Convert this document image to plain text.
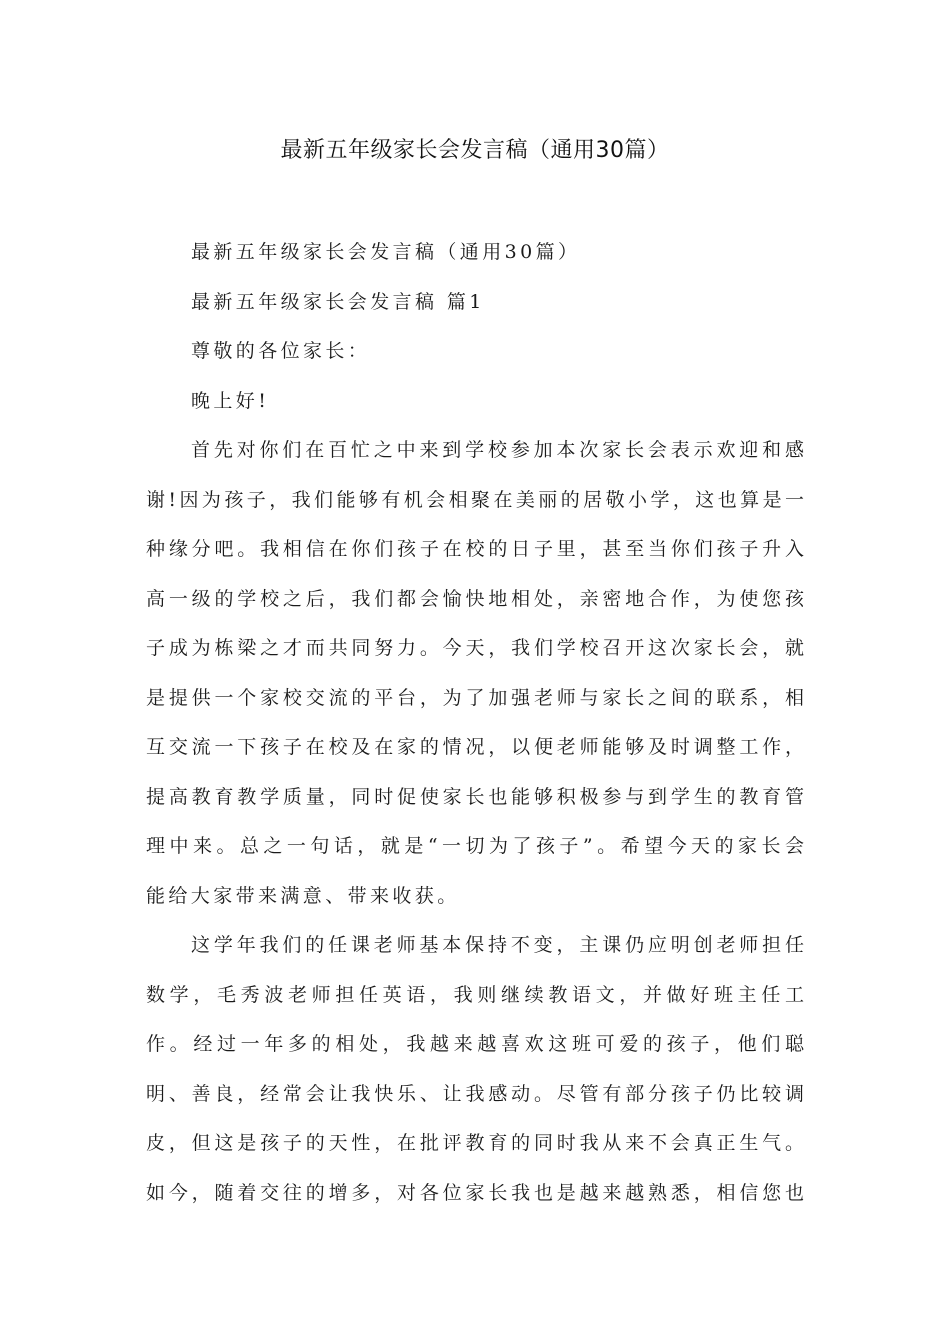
最新五年级家长会发言稿（通用30篇）
最新五年级家长会发言稿（通用30篇）
最新五年级家长会发言稿 篇1
尊敬的各位家长：
晚上好!
首先对你们在百忙之中来到学校参加本次家长会表示欢迎和感
谢!因为孩子，我们能够有机会相聚在美丽的居敬小学，这也算是一
种缘分吧。我相信在你们孩子在校的日子里，甚至当你们孩子升入
高一级的学校之后，我们都会愉快地相处，亲密地合作，为使您孩
子成为栋梁之才而共同努力。今天，我们学校召开这次家长会，就
是提供一个家校交流的平台，为了加强老师与家长之间的联系，相
互交流一下孩子在校及在家的情况，以便老师能够及时调整工作，
提高教育教学质量，同时促使家长也能够积极参与到学生的教育管
理中来。总之一句话，就是“一切为了孩子”。希望今天的家长会
能给大家带来满意、带来收获。
这学年我们的任课老师基本保持不变，主课仍应明创老师担任
数学，毛秀波老师担任英语，我则继续教语文，并做好班主任工
作。经过一年多的相处，我越来越喜欢这班可爱的孩子，他们聪
明、善良，经常会让我快乐、让我感动。尽管有部分孩子仍比较调
皮，但这是孩子的天性，在批评教育的同时我从来不会真正生气。
如今，随着交往的增多，对各位家长我也是越来越熟悉，相信您也
